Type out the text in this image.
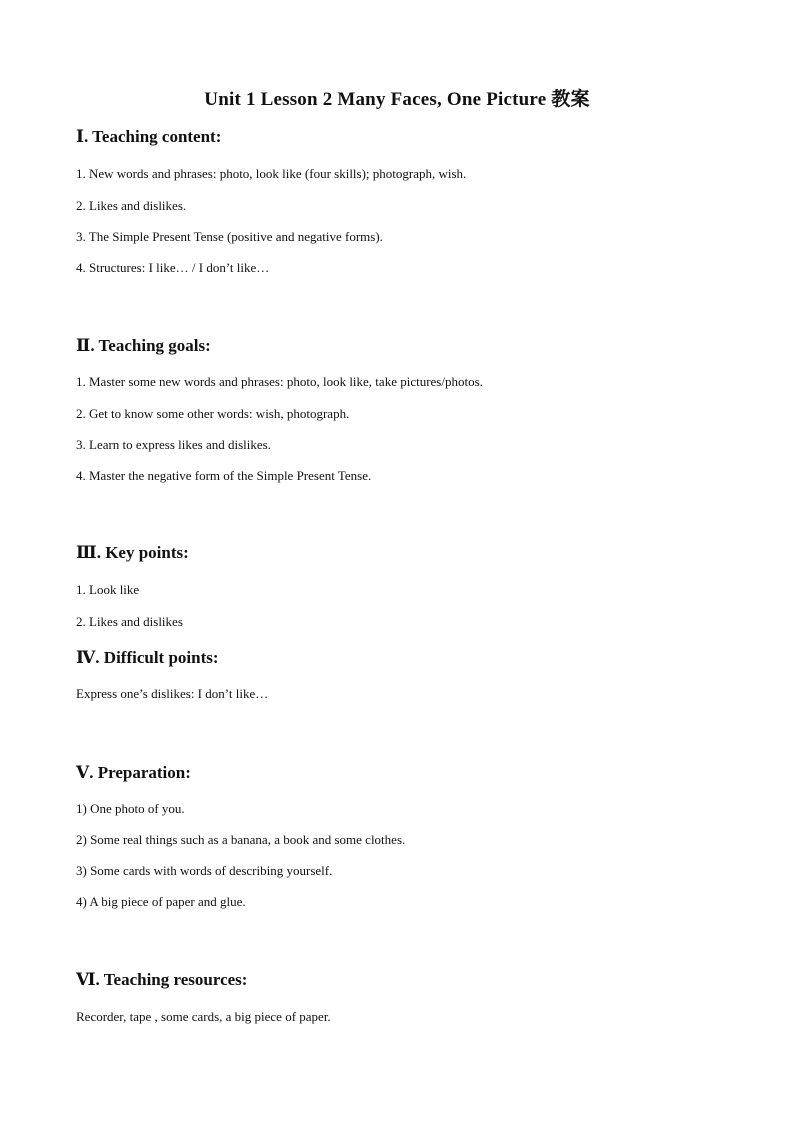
Unit 1 Lesson 2 Many Faces, One Picture 教案
Ⅰ. Teaching content:
1. New words and phrases: photo, look like (four skills); photograph, wish.
2. Likes and dislikes.
3. The Simple Present Tense (positive and negative forms).
4. Structures: I like… / I don’t like…
Ⅱ. Teaching goals:
1. Master some new words and phrases: photo, look like, take pictures/photos.
2. Get to know some other words: wish, photograph.
3. Learn to express likes and dislikes.
4. Master the negative form of the Simple Present Tense.
Ⅲ. Key points:
1. Look like
2. Likes and dislikes
Ⅳ. Difficult points:
Express one’s dislikes: I don’t like…
Ⅴ. Preparation:
1) One photo of you.
2) Some real things such as a banana, a book and some clothes.
3) Some cards with words of describing yourself.
4) A big piece of paper and glue.
Ⅵ. Teaching resources:
Recorder, tape , some cards, a big piece of paper.
